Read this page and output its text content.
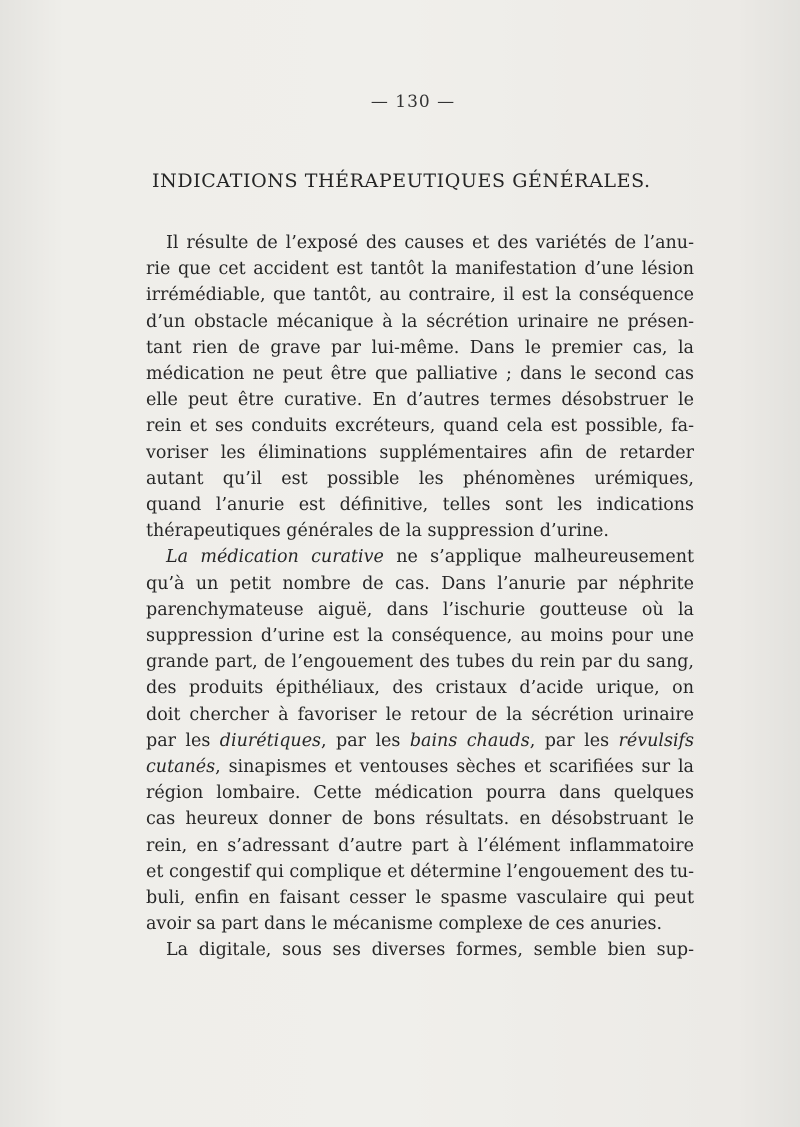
— 130 —
INDICATIONS THÉRAPEUTIQUES GÉNÉRALES.
Il résulte de l’exposé des causes et des variétés de l’anu-
rie que cet accident est tantôt la manifestation d’une lésion
irrémédiable, que tantôt, au contraire, il est la conséquence
d’un obstacle mécanique à la sécrétion urinaire ne présen-
tant rien de grave par lui-même. Dans le premier cas, la
médication ne peut être que palliative ; dans le second cas
elle peut être curative. En d’autres termes désobstruer le
rein et ses conduits excréteurs, quand cela est possible, fa-
voriser les éliminations supplémentaires afin de retarder
autant qu’il est possible les phénomènes urémiques,
quand l’anurie est définitive, telles sont les indications
thérapeutiques générales de la suppression d’urine.
La médication curative ne s’applique malheureusement
qu’à un petit nombre de cas. Dans l’anurie par néphrite
parenchymateuse aiguë, dans l’ischurie goutteuse où la
suppression d’urine est la conséquence, au moins pour une
grande part, de l’engouement des tubes du rein par du sang,
des produits épithéliaux, des cristaux d’acide urique, on
doit chercher à favoriser le retour de la sécrétion urinaire
par les diurétiques, par les bains chauds, par les révulsifs
cutanés, sinapismes et ventouses sèches et scarifiées sur la
région lombaire. Cette médication pourra dans quelques
cas heureux donner de bons résultats. en désobstruant le
rein, en s’adressant d’autre part à l’élément inflammatoire
et congestif qui complique et détermine l’engouement des tu-
buli, enfin en faisant cesser le spasme vasculaire qui peut
avoir sa part dans le mécanisme complexe de ces anuries.
La digitale, sous ses diverses formes, semble bien sup-
